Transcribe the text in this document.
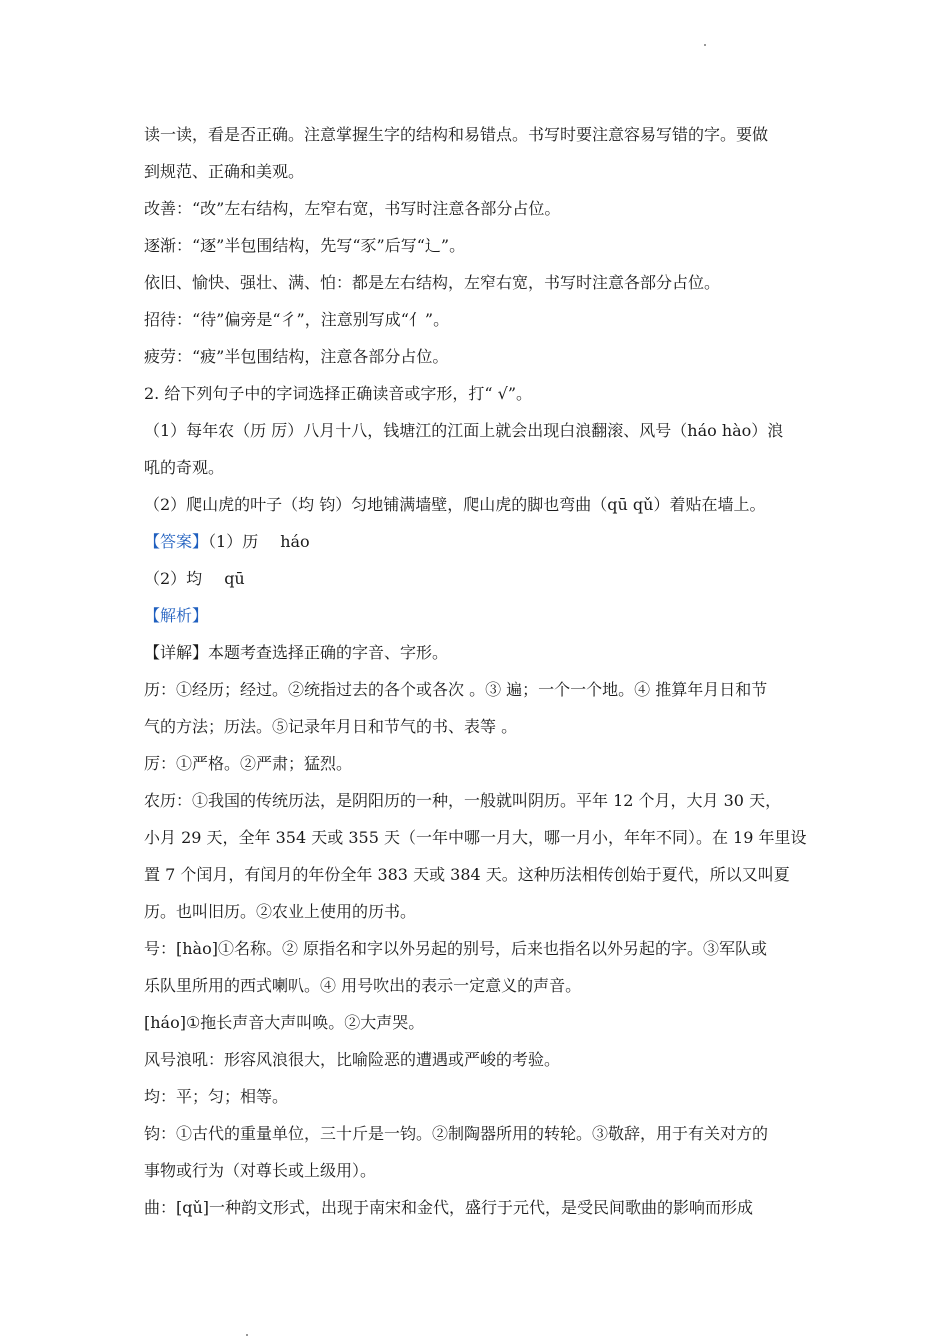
读一读，看是否正确。注意掌握生字的结构和易错点。书写时要注意容易写错的字。要做
到规范、正确和美观。
改善：“改”左右结构，左窄右宽，书写时注意各部分占位。
逐渐：“逐”半包围结构，先写“豕”后写“辶”。
依旧、愉快、强壮、满、怕：都是左右结构，左窄右宽，书写时注意各部分占位。
招待：“待”偏旁是“彳”，注意别写成“亻”。
疲劳：“疲”半包围结构，注意各部分占位。
2. 给下列句子中的字词选择正确读音或字形，打“ √”。
（1）每年农（历 厉）八月十八，钱塘江的江面上就会出现白浪翻滚、风号（háo hào）浪
吼的奇观。
（2）爬山虎的叶子（均 钧）匀地铺满墙壁，爬山虎的脚也弯曲（qū qǔ）着贴在墙上。
【答案】（1）历 háo
（2）均 qū
【解析】
【详解】本题考查选择正确的字音、字形。
历：①经历；经过。②统指过去的各个或各次 。③ 遍；一个一个地。④ 推算年月日和节
气的方法；历法。⑤记录年月日和节气的书、表等 。
厉：①严格。②严肃；猛烈。
农历：①我国的传统历法，是阴阳历的一种，一般就叫阴历。平年 12 个月，大月 30 天，
小月 29 天，全年 354 天或 355 天（一年中哪一月大，哪一月小，年年不同）。在 19 年里设
置 7 个闰月，有闰月的年份全年 383 天或 384 天。这种历法相传创始于夏代，所以又叫夏
历。也叫旧历。②农业上使用的历书。
号：[hào]①名称。② 原指名和字以外另起的别号，后来也指名以外另起的字。③军队或
乐队里所用的西式喇叭。④ 用号吹出的表示一定意义的声音。
[háo]①拖长声音大声叫唤。②大声哭。
风号浪吼：形容风浪很大，比喻险恶的遭遇或严峻的考验。
均：平；匀；相等。
钧：①古代的重量单位，三十斤是一钧。②制陶器所用的转轮。③敬辞，用于有关对方的
事物或行为（对尊长或上级用）。
曲：[qǔ]一种韵文形式，出现于南宋和金代，盛行于元代，是受民间歌曲的影响而形成
